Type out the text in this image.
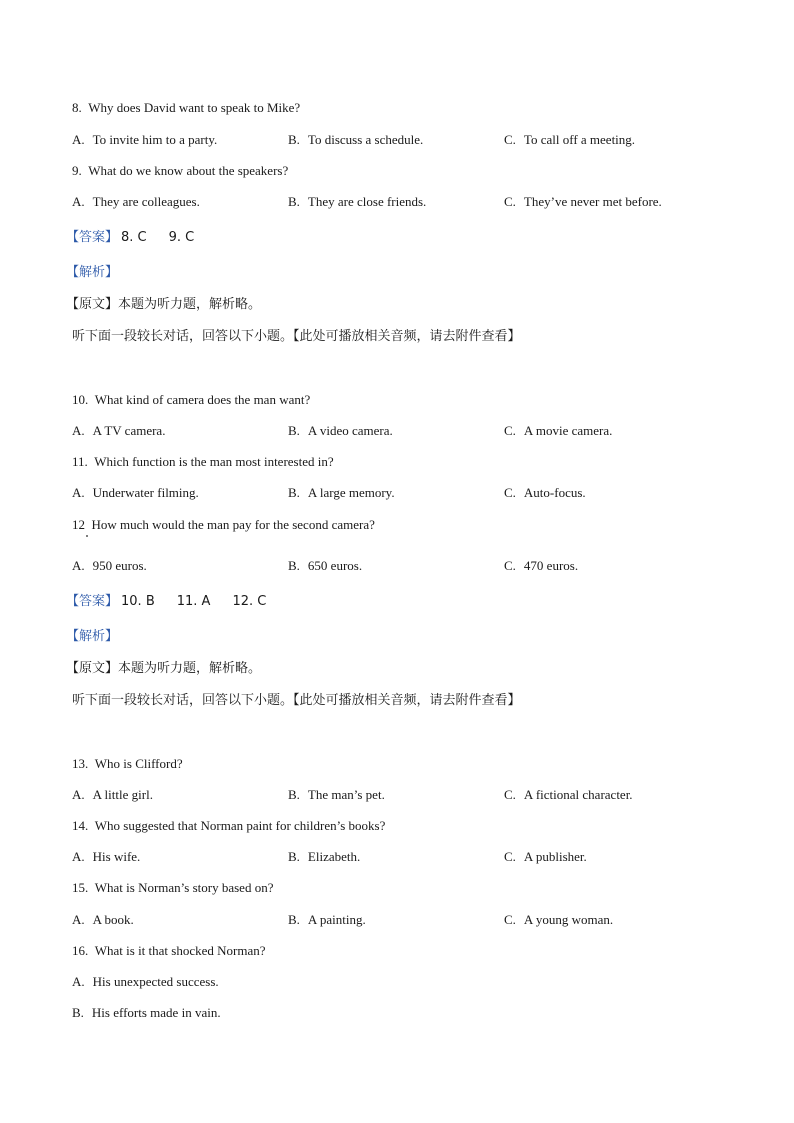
8.  Why does David want to speak to Mike?
A. To invite him to a party.	B. To discuss a schedule.	C. To call off a meeting.
9.  What do we know about the speakers?
A. They are colleagues.	B. They are close friends.	C. They’ve never met before.
【答案】 8. C 9. C
【解析】
【原文】本题为听力题，解析略。
听下面一段较长对话，回答以下小题。【此处可播放相关音频，请去附件查看】
10.  What kind of camera does the man want?
A. A TV camera.	B. A video camera.	C. A movie camera.
11.  Which function is the man most interested in?
A. Underwater filming.	B. A large memory.	C. Auto-focus.
12  How much would the man pay for the second camera?
A. 950 euros.	B. 650 euros.	C. 470 euros.
【答案】 10. B 11. A 12. C
【解析】
【原文】本题为听力题，解析略。
听下面一段较长对话，回答以下小题。【此处可播放相关音频，请去附件查看】
13.  Who is Clifford?
A. A little girl.	B. The man’s pet.	C. A fictional character.
14.  Who suggested that Norman paint for children’s books?
A. His wife.	B. Elizabeth.	C. A publisher.
15.  What is Norman’s story based on?
A. A book.	B. A painting.	C. A young woman.
16.  What is it that shocked Norman?
A. His unexpected success.
B. His efforts made in vain.
